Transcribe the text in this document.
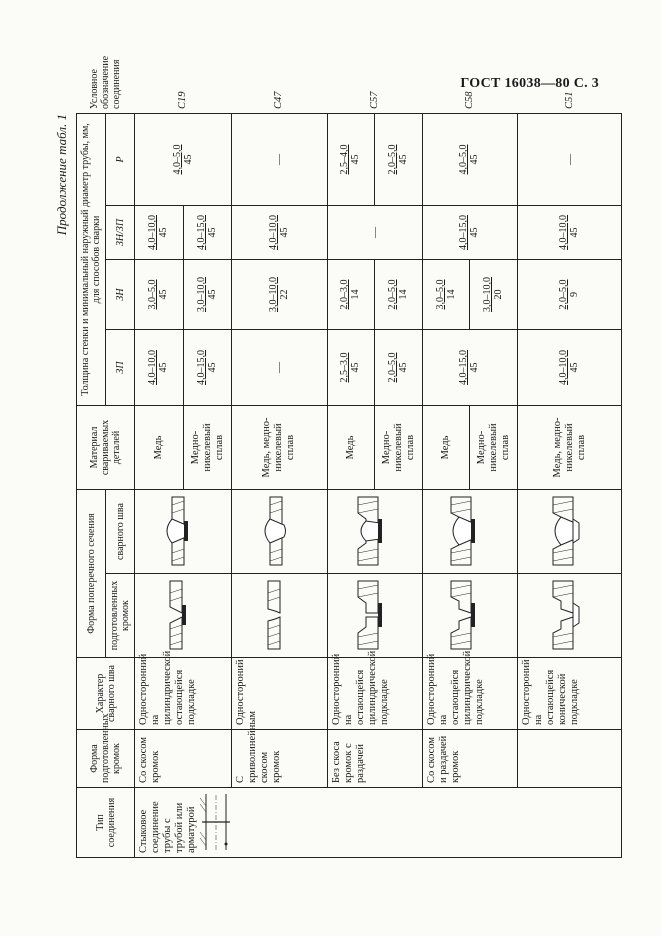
ГОСТ 16038—80 С. 3
Продолжение табл. 1
Тип соединения	Форма подготовленных кромок	Характер сварного шва	Форма поперечного сечения		Материал свариваемых деталей	Толщина стенки и минимальный наружный диаметр трубы, мм, для способов сварки				Условное обозначение соединения
			подготовленных кромок	сварного шва		ЗП	ЗН	ЗН/ЗП	Р	

Стыковое соединение трубы с трубой или арматурой	Со скосом кромок	Односторонний на цилиндрической остающейся подкладке			Медь	4,0–10,0 45	3,0–5,0 45	4,0–10,0 45	4,0–5,0 45	С19
					Медно-никелевый сплав	4,0–15,0 45	3,0–10,0 45	4,0–15,0 45		

	С криволинейным скосом кромок	Одностороний			Медь, медно-никелевый сплав	—	3,0–10,0 22	4,0–10,0 45	—	С47
	Без скоса кромок с раздачей	Односторонний на остающейся цилиндрической подкладке			Медь	2,5–3,0 45	2,0–3,0 14	—	2,5–4,0 45	С57
					Медно-никелевый сплав	2,0–5,0 45	2,0–5,0 14		2,0–5,0 45	

	Со скосом и раздачей кромок	Односторонний на остающейся цилиндрической подкладке			Медь	4,0–15,0 45	3,0–5,0 14	4,0–15,0 45	4,0–5,0 45	С58
					Медно-никелевый сплав		3,0–10,0 20			

		Одностороний на остающейся конической подкладке			Медь, медно-никелевый сплав	4,0–10,0 45	2,0–5,0 9	4,0–10,0 45	—	С51
